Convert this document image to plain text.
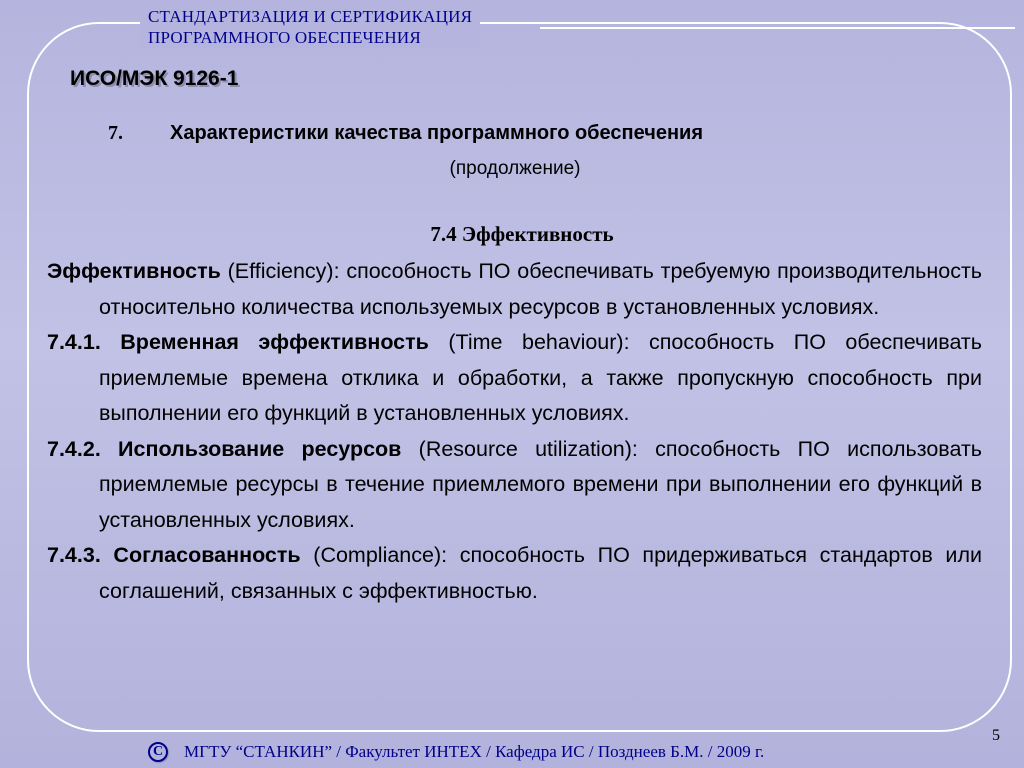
СТАНДАРТИЗАЦИЯ И СЕРТИФИКАЦИЯ
ПРОГРАММНОГО ОБЕСПЕЧЕНИЯ
ИСО/МЭК 9126-1
7. Характеристики качества программного обеспечения
(продолжение)
7.4 Эффективность

Эффективность (Efficiency): способность ПО обеспечивать требуемую производительность относительно количества используемых ресурсов в установленных условиях.

7.4.1. Временная эффективность (Time behaviour): способность ПО обеспечивать приемлемые времена отклика и обработки, а также пропускную способность при выполнении его функций в установленных условиях.

7.4.2. Использование ресурсов (Resource utilization): способность ПО использовать приемлемые ресурсы в течение приемлемого времени при выполнении его функций в установленных условиях.

7.4.3. Согласованность (Compliance): способность ПО придерживаться стандартов или соглашений, связанных с эффективностью.

5
C МГТУ “СТАНКИН” / Факультет ИНТЕХ / Кафедра ИС / Позднеев Б.М. / 2009 г.
